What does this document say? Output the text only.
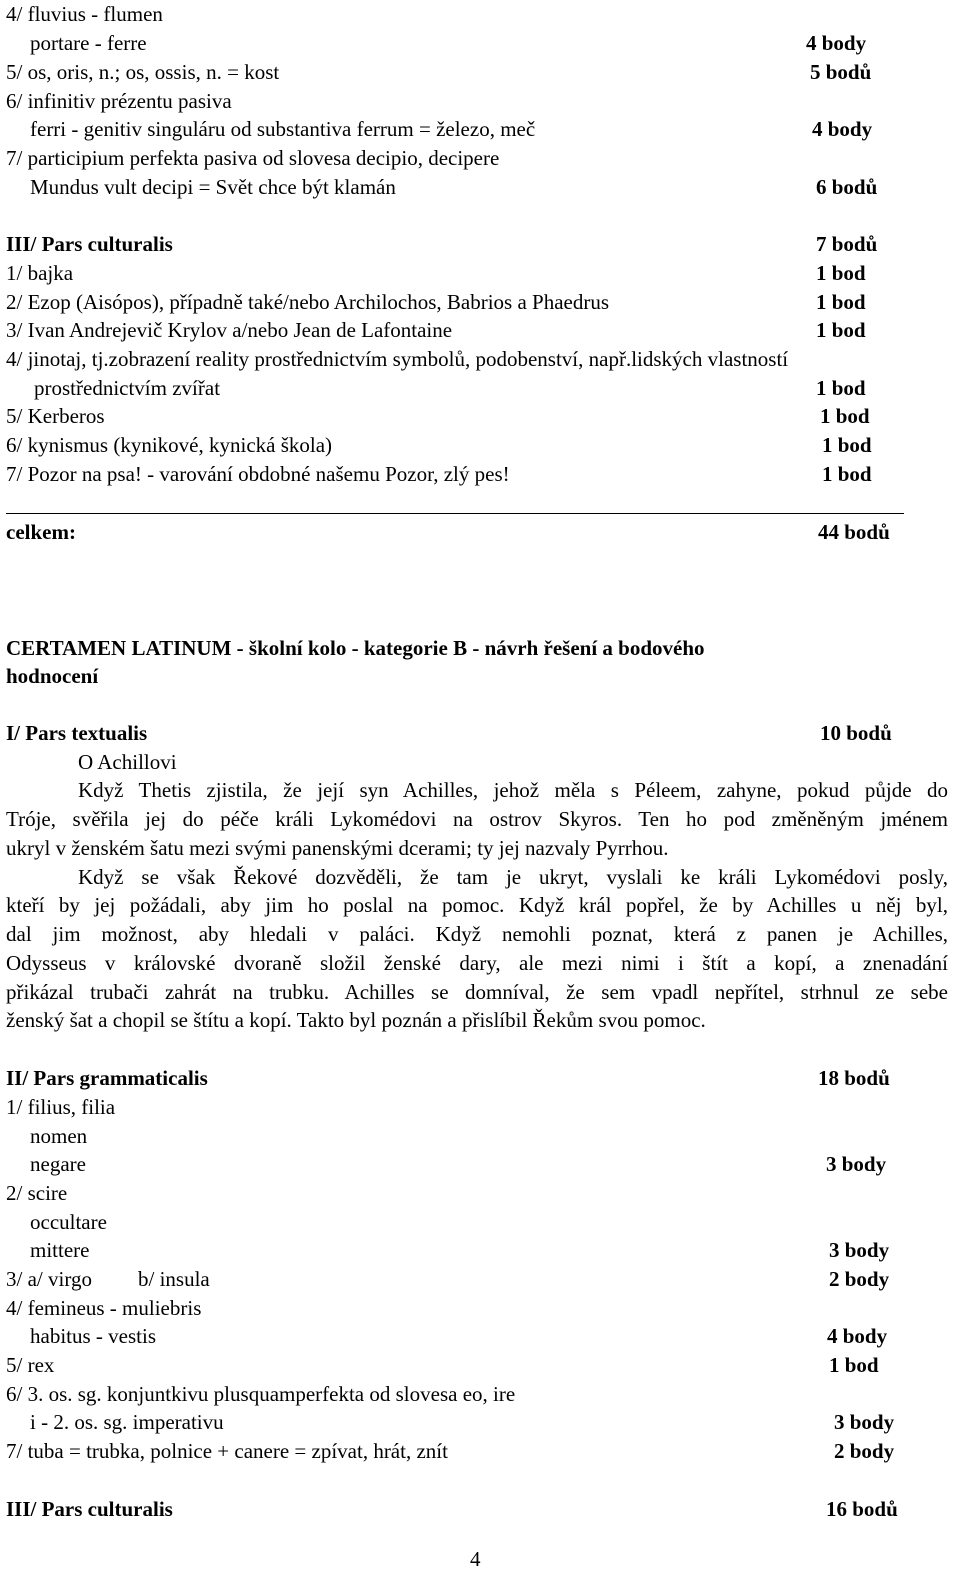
4/ fluvius - flumen
portare - ferre	4 body
5/ os, oris, n.; os, ossis, n. = kost	5 bodů
6/ infinitiv prézentu pasiva
ferri - genitiv singuláru od substantiva ferrum = železo, meč	4 body
7/ participium perfekta pasiva od slovesa decipio, decipere
Mundus vult decipi = Svět chce být klamán	6 bodů
III/ Pars culturalis	7 bodů
1/ bajka	1 bod
2/ Ezop (Aisópos), případně také/nebo Archilochos, Babrios a Phaedrus	1 bod
3/ Ivan Andrejevič Krylov a/nebo Jean de Lafontaine	1 bod
4/ jinotaj, tj.zobrazení reality prostřednictvím symbolů, podobenství, např.lidských vlastností
prostřednictvím zvířat	1 bod
5/ Kerberos	1 bod
6/ kynismus (kynikové, kynická škola)	1 bod
7/ Pozor na psa! - varování obdobné našemu Pozor, zlý pes!	1 bod
celkem:	44 bodů
CERTAMEN LATINUM - školní kolo - kategorie B - návrh řešení a bodového
hodnocení
I/ Pars textualis	10 bodů
O Achillovi
Když Thetis zjistila, že její syn Achilles, jehož měla s Péleem, zahyne, pokud půjde do
Tróje, svěřila jej do péče králi Lykomédovi na ostrov Skyros. Ten ho pod změněným jménem
ukryl v ženském šatu mezi svými panenskými dcerami; ty jej nazvaly Pyrrhou.
Když se však Řekové dozvěděli, že tam je ukryt, vyslali ke králi Lykomédovi posly,
kteří by jej požádali, aby jim ho poslal na pomoc. Když král popřel, že by Achilles u něj byl,
dal jim možnost, aby hledali v paláci. Když nemohli poznat, která z panen je Achilles,
Odysseus v královské dvoraně složil ženské dary, ale mezi nimi i štít a kopí, a znenadání
přikázal trubači zahrát na trubku. Achilles se domníval, že sem vpadl nepřítel, strhnul ze sebe
ženský šat a chopil se štítu a kopí. Takto byl poznán a přislíbil Řekům svou pomoc.
II/ Pars grammaticalis	18 bodů
1/ filius, filia
nomen
negare	3 body
2/ scire
occultare
mittere	3 body
3/ a/ virgo b/ insula	2 body
4/ femineus - muliebris
habitus - vestis	4 body
5/ rex	1 bod
6/ 3. os. sg. konjuntkivu plusquamperfekta od slovesa eo, ire
i - 2. os. sg. imperativu	3 body
7/ tuba = trubka, polnice + canere = zpívat, hrát, znít	2 body
III/ Pars culturalis	16 bodů
4
